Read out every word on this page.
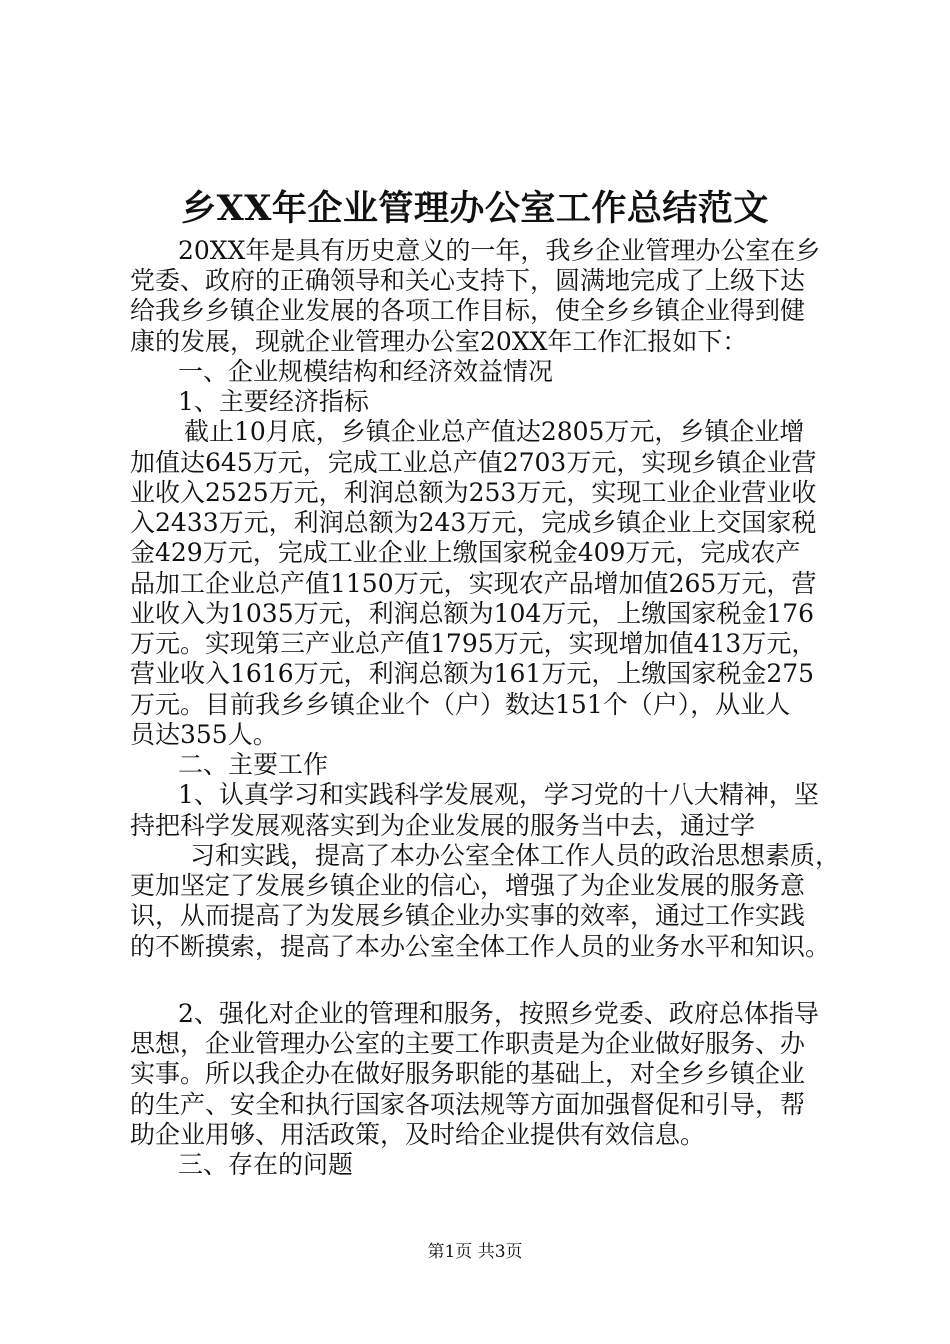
乡XX年企业管理办公室工作总结范文
20XX年是具有历史意义的一年，我乡企业管理办公室在乡
党委、政府的正确领导和关心支持下，圆满地完成了上级下达
给我乡乡镇企业发展的各项工作目标，使全乡乡镇企业得到健
康的发展，现就企业管理办公室20XX年工作汇报如下：
一、企业规模结构和经济效益情况
1、主要经济指标
截止10月底，乡镇企业总产值达2805万元，乡镇企业增
加值达645万元，完成工业总产值2703万元，实现乡镇企业营
业收入2525万元，利润总额为253万元，实现工业企业营业收
入2433万元，利润总额为243万元，完成乡镇企业上交国家税
金429万元，完成工业企业上缴国家税金409万元，完成农产
品加工企业总产值1150万元，实现农产品增加值265万元，营
业收入为1035万元，利润总额为104万元，上缴国家税金176
万元。实现第三产业总产值1795万元，实现增加值413万元，
营业收入1616万元，利润总额为161万元，上缴国家税金275
万元。目前我乡乡镇企业个（户）数达151个（户），从业人
员达355人。
二、主要工作
1、认真学习和实践科学发展观，学习党的十八大精神，坚
持把科学发展观落实到为企业发展的服务当中去，通过学
习和实践，提高了本办公室全体工作人员的政治思想素质，
更加坚定了发展乡镇企业的信心，增强了为企业发展的服务意
识，从而提高了为发展乡镇企业办实事的效率，通过工作实践
的不断摸索，提高了本办公室全体工作人员的业务水平和知识。
2、强化对企业的管理和服务，按照乡党委、政府总体指导
思想，企业管理办公室的主要工作职责是为企业做好服务、办
实事。所以我企办在做好服务职能的基础上，对全乡乡镇企业
的生产、安全和执行国家各项法规等方面加强督促和引导，帮
助企业用够、用活政策，及时给企业提供有效信息。
三、存在的问题
第1页 共3页
